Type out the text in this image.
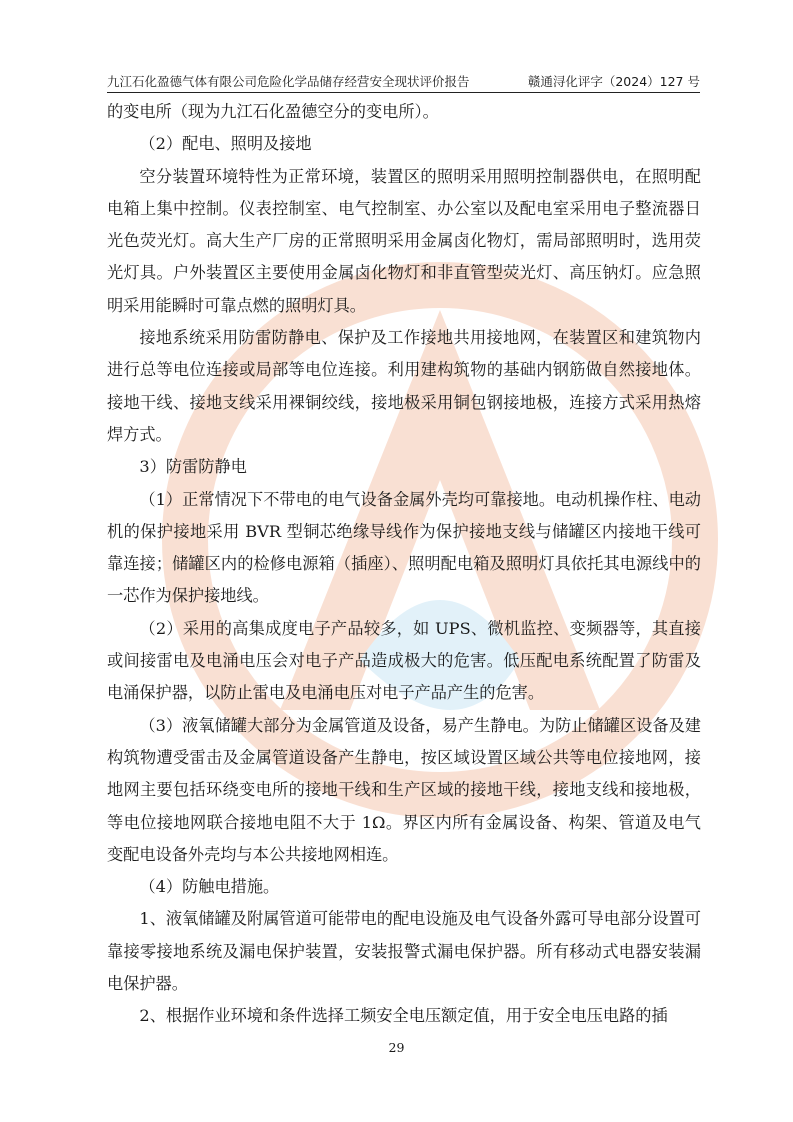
九江石化盈德气体有限公司危险化学品储存经营安全现状评价报告	赣通浔化评字（2024）127 号

的变电所（现为九江石化盈德空分的变电所）。

（2）配电、照明及接地

空分装置环境特性为正常环境，装置区的照明采用照明控制器供电，在照明配电箱上集中控制。仪表控制室、电气控制室、办公室以及配电室采用电子整流器日光色荧光灯。高大生产厂房的正常照明采用金属卤化物灯，需局部照明时，选用荧光灯具。户外装置区主要使用金属卤化物灯和非直管型荧光灯、高压钠灯。应急照明采用能瞬时可靠点燃的照明灯具。

接地系统采用防雷防静电、保护及工作接地共用接地网，在装置区和建筑物内进行总等电位连接或局部等电位连接。利用建构筑物的基础内钢筋做自然接地体。接地干线、接地支线采用裸铜绞线，接地极采用铜包钢接地极，连接方式采用热熔焊方式。

3）防雷防静电

（1）正常情况下不带电的电气设备金属外壳均可靠接地。电动机操作柱、电动机的保护接地采用 BVR 型铜芯绝缘导线作为保护接地支线与储罐区内接地干线可靠连接；储罐区内的检修电源箱（插座）、照明配电箱及照明灯具依托其电源线中的一芯作为保护接地线。

（2）采用的高集成度电子产品较多，如 UPS、微机监控、变频器等，其直接或间接雷电及电涌电压会对电子产品造成极大的危害。低压配电系统配置了防雷及电涌保护器，以防止雷电及电涌电压对电子产品产生的危害。

（3）液氧储罐大部分为金属管道及设备，易产生静电。为防止储罐区设备及建构筑物遭受雷击及金属管道设备产生静电，按区域设置区域公共等电位接地网，接地网主要包括环绕变电所的接地干线和生产区域的接地干线，接地支线和接地极，等电位接地网联合接地电阻不大于 1Ω。界区内所有金属设备、构架、管道及电气变配电设备外壳均与本公共接地网相连。

（4）防触电措施。

1、液氧储罐及附属管道可能带电的配电设施及电气设备外露可导电部分设置可靠接零接地系统及漏电保护装置，安装报警式漏电保护器。所有移动式电器安装漏电保护器。

2、根据作业环境和条件选择工频安全电压额定值，用于安全电压电路的插

29
